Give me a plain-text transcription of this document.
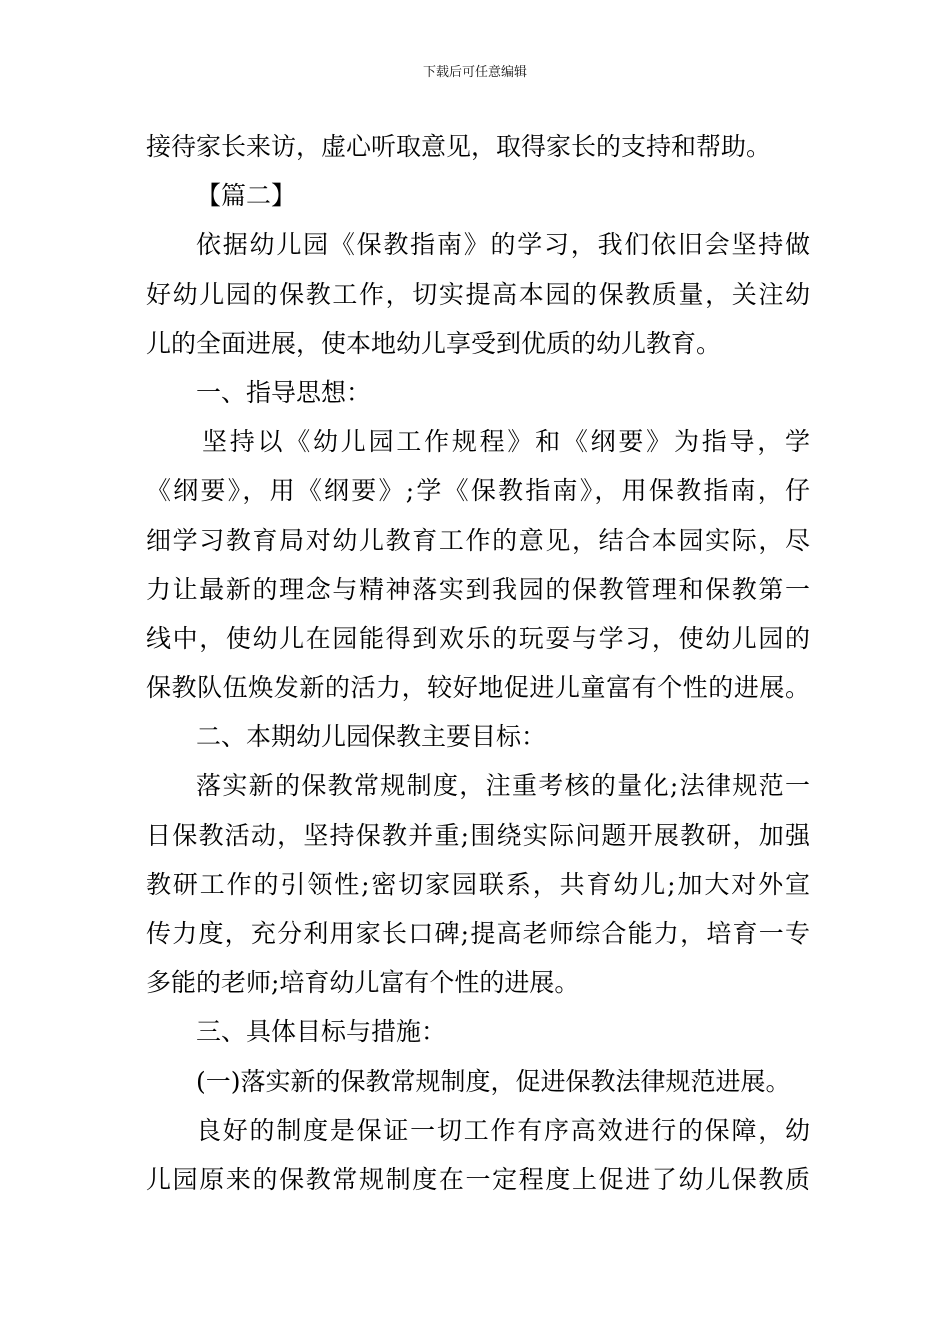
下载后可任意编辑
接待家长来访，虚心听取意见，取得家长的支持和帮助。
【篇二】
依据幼儿园《保教指南》的学习，我们依旧会坚持做
好幼儿园的保教工作，切实提高本园的保教质量，关注幼
儿的全面进展，使本地幼儿享受到优质的幼儿教育。
一、指导思想：
坚持以《幼儿园工作规程》和《纲要》为指导，学
《纲要》，用《纲要》;学《保教指南》，用保教指南，仔
细学习教育局对幼儿教育工作的意见，结合本园实际，尽
力让最新的理念与精神落实到我园的保教管理和保教第一
线中，使幼儿在园能得到欢乐的玩耍与学习，使幼儿园的
保教队伍焕发新的活力，较好地促进儿童富有个性的进展。
二、本期幼儿园保教主要目标：
落实新的保教常规制度，注重考核的量化;法律规范一
日保教活动，坚持保教并重;围绕实际问题开展教研，加强
教研工作的引领性;密切家园联系，共育幼儿;加大对外宣
传力度，充分利用家长口碑;提高老师综合能力，培育一专
多能的老师;培育幼儿富有个性的进展。
三、具体目标与措施：
(一)落实新的保教常规制度，促进保教法律规范进展。
良好的制度是保证一切工作有序高效进行的保障，幼
儿园原来的保教常规制度在一定程度上促进了幼儿保教质
